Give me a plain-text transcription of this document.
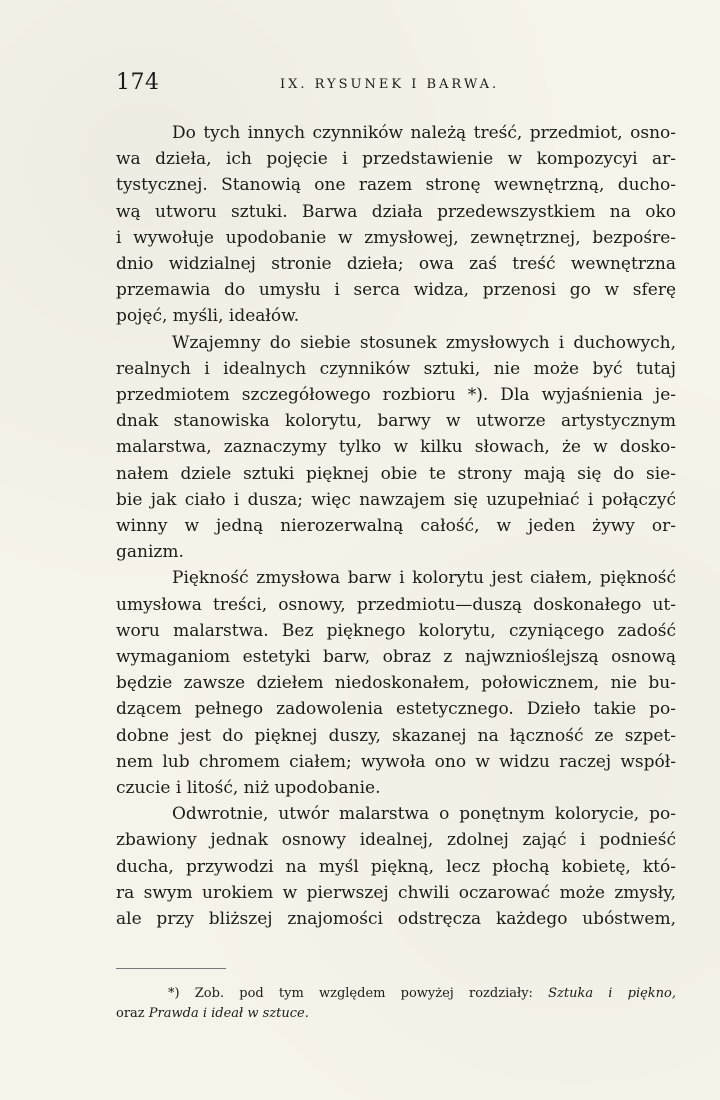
174	IX. RYSUNEK I BARWA.
Do tych innych czynników należą treść, przedmiot, osno-
wa dzieła, ich pojęcie i przedstawienie w kompozycyi ar-
tystycznej. Stanowią one razem stronę wewnętrzną, ducho-
wą utworu sztuki. Barwa działa przedewszystkiem na oko
i wywołuje upodobanie w zmysłowej, zewnętrznej, bezpośre-
dnio widzialnej stronie dzieła; owa zaś treść wewnętrzna
przemawia do umysłu i serca widza, przenosi go w sferę
pojęć, myśli, ideałów.
Wzajemny do siebie stosunek zmysłowych i duchowych,
realnych i idealnych czynników sztuki, nie może być tutaj
przedmiotem szczegółowego rozbioru *). Dla wyjaśnienia je-
dnak stanowiska kolorytu, barwy w utworze artystycznym
malarstwa, zaznaczymy tylko w kilku słowach, że w dosko-
nałem dziele sztuki pięknej obie te strony mają się do sie-
bie jak ciało i dusza; więc nawzajem się uzupełniać i połączyć
winny w jedną nierozerwalną całość, w jeden żywy or-
ganizm.
Piękność zmysłowa barw i kolorytu jest ciałem, piękność
umysłowa treści, osnowy, przedmiotu—duszą doskonałego ut-
woru malarstwa. Bez pięknego kolorytu, czyniącego zadość
wymaganiom estetyki barw, obraz z najwznioślejszą osnową
będzie zawsze dziełem niedoskonałem, połowicznem, nie bu-
dzącem pełnego zadowolenia estetycznego. Dzieło takie po-
dobne jest do pięknej duszy, skazanej na łączność ze szpet-
nem lub chromem ciałem; wywoła ono w widzu raczej współ-
czucie i litość, niż upodobanie.
Odwrotnie, utwór malarstwa o ponętnym kolorycie, po-
zbawiony jednak osnowy idealnej, zdolnej zająć i podnieść
ducha, przywodzi na myśl piękną, lecz płochą kobietę, któ-
ra swym urokiem w pierwszej chwili oczarować może zmysły,
ale przy bliższej znajomości odstręcza każdego ubóstwem,
*) Zob. pod tym względem powyżej rozdziały: Sztuka i piękno,
oraz Prawda i ideał w sztuce.
